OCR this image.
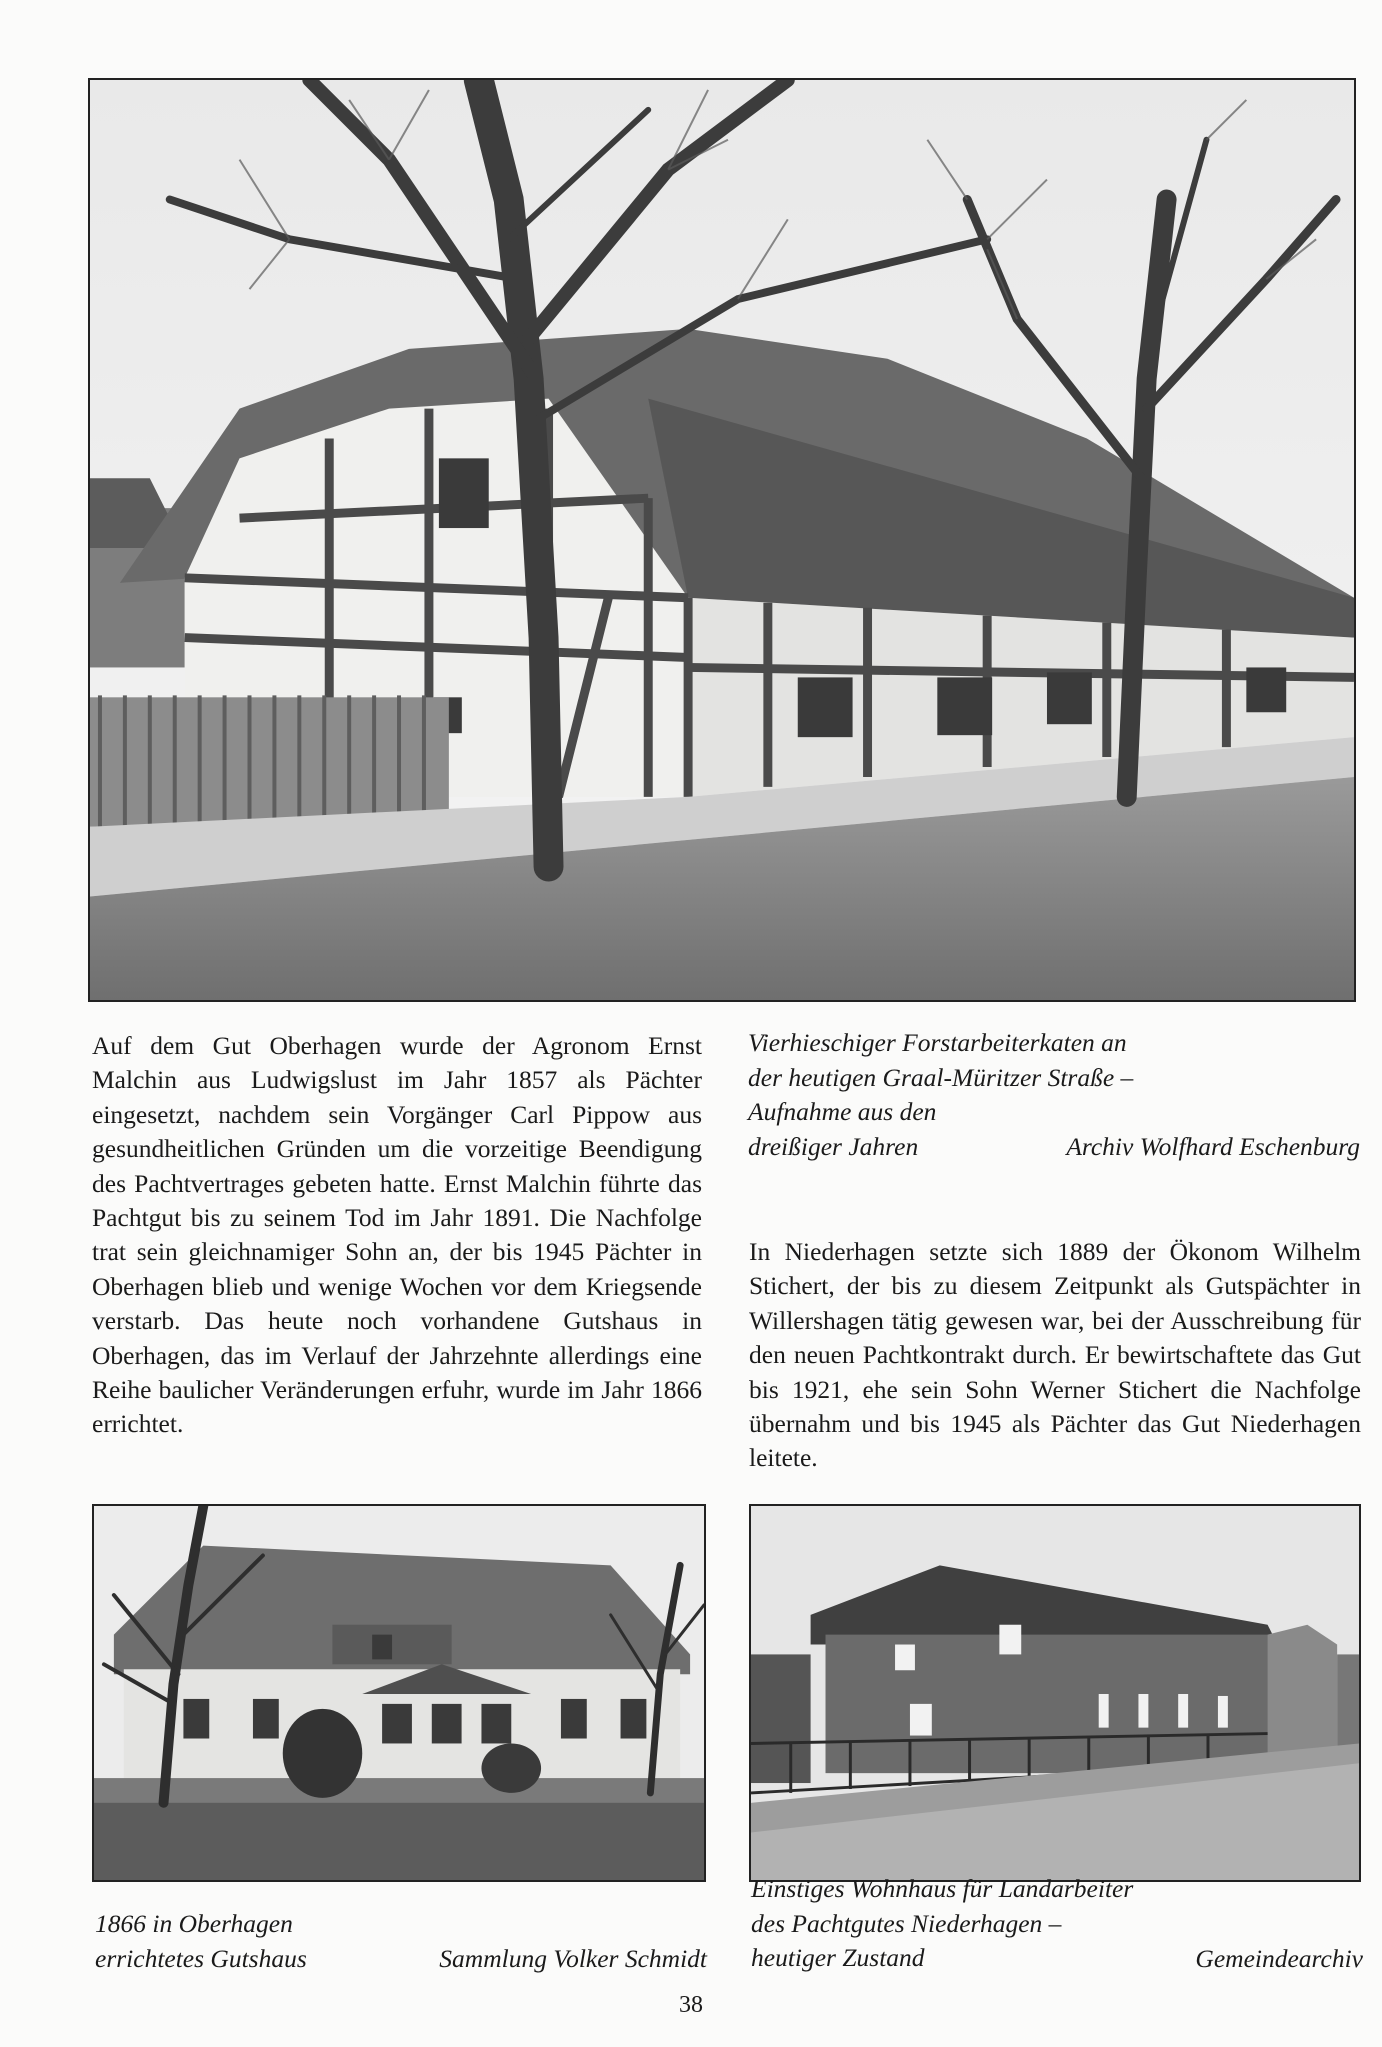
Vierhieschiger Forstarbeiterkaten an
der heutigen Graal-Müritzer Straße –
Aufnahme aus den
dreißiger Jahren	Archiv Wolfhard Eschenburg

Auf dem Gut Oberhagen wurde der Agronom Ernst Malchin aus Ludwigslust im Jahr 1857 als Pächter eingesetzt, nachdem sein Vorgänger Carl Pippow aus gesundheitlichen Gründen um die vorzeitige Beendigung des Pachtvertrages gebeten hatte. Ernst Malchin führte das Pachtgut bis zu seinem Tod im Jahr 1891. Die Nachfolge trat sein gleichnamiger Sohn an, der bis 1945 Pächter in Oberhagen blieb und wenige Wochen vor dem Kriegsende verstarb. Das heute noch vorhandene Gutshaus in Oberhagen, das im Verlauf der Jahrzehnte allerdings eine Reihe baulicher Veränderungen erfuhr, wurde im Jahr 1866 errichtet.

In Niederhagen setzte sich 1889 der Ökonom Wilhelm Stichert, der bis zu diesem Zeitpunkt als Gutspächter in Willershagen tätig gewesen war, bei der Ausschreibung für den neuen Pachtkontrakt durch. Er bewirtschaftete das Gut bis 1921, ehe sein Sohn Werner Stichert die Nachfolge übernahm und bis 1945 als Pächter das Gut Niederhagen leitete.

1866 in Oberhagen
errichtetes Gutshaus	Sammlung Volker Schmidt
Einstiges Wohnhaus für Landarbeiter
des Pachtgutes Niederhagen –
heutiger Zustand	Gemeindearchiv
38
